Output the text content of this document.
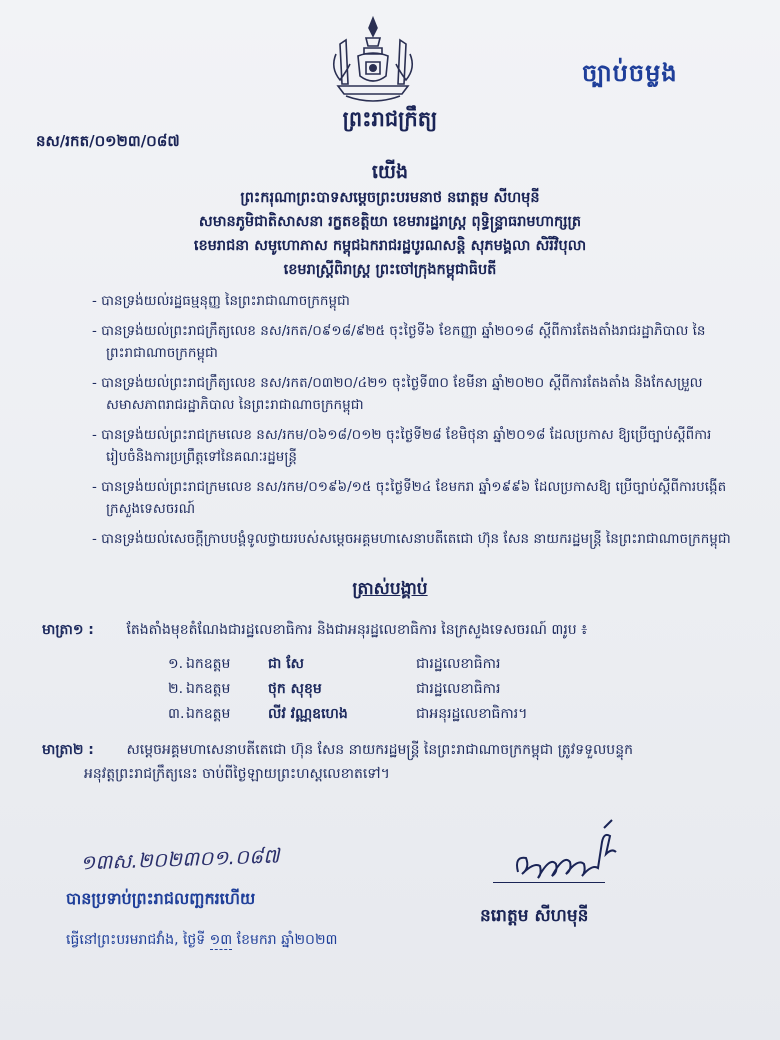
ច្បាប់ចម្លង
ព្រះរាជក្រឹត្យ
នស/រកត/០១២៣/០៨៧
យើង
ព្រះករុណាព្រះបាទសម្តេចព្រះបរមនាថ នរោត្តម សីហមុនី
សមានភូមិជាតិសាសនា រក្ខតខត្តិយា ខេមរារដ្ឋរាស្ត្រ ពុទ្ធិន្ទ្រាធរាមហាក្សត្រ
ខេមរាជនា សមូហោភាស កម្ពុជឯករាជរដ្ឋបូរណសន្តិ សុភមង្គលា សិរីវិបុលា
ខេមរាស្ត្រីពិរាស្ត្រ ព្រះចៅក្រុងកម្ពុជាធិបតី
- បានទ្រង់យល់រដ្ឋធម្មនុញ្ញ នៃព្រះរាជាណាចក្រកម្ពុជា
- បានទ្រង់យល់ព្រះរាជក្រឹត្យលេខ នស/រកត/០៩១៨/៩២៥ ចុះថ្ងៃទី៦ ខែកញ្ញា ឆ្នាំ២០១៨ ស្តីពីការតែងតាំងរាជរដ្ឋាភិបាល នៃព្រះរាជាណាចក្រកម្ពុជា
- បានទ្រង់យល់ព្រះរាជក្រឹត្យលេខ នស/រកត/០៣២០/៤២១ ចុះថ្ងៃទី៣០ ខែមីនា ឆ្នាំ២០២០ ស្តីពីការតែងតាំង និងកែសម្រួលសមាសភាពរាជរដ្ឋាភិបាល នៃព្រះរាជាណាចក្រកម្ពុជា
- បានទ្រង់យល់ព្រះរាជក្រមលេខ នស/រកម/០៦១៨/០១២ ចុះថ្ងៃទី២៨ ខែមិថុនា ឆ្នាំ២០១៨ ដែលប្រកាស ឱ្យប្រើច្បាប់ស្តីពីការរៀបចំនិងការប្រព្រឹត្តទៅនៃគណៈរដ្ឋមន្ត្រី
- បានទ្រង់យល់ព្រះរាជក្រមលេខ នស/រកម/០១៩៦/១៥ ចុះថ្ងៃទី២៤ ខែមករា ឆ្នាំ១៩៩៦ ដែលប្រកាសឱ្យ ប្រើច្បាប់ស្តីពីការបង្កើតក្រសួងទេសចរណ៍
- បានទ្រង់យល់សេចក្តីក្រាបបង្គំទូលថ្វាយរបស់សម្តេចអគ្គមហាសេនាបតីតេជោ ហ៊ុន សែន នាយករដ្ឋមន្ត្រី នៃព្រះរាជាណាចក្រកម្ពុជា
ត្រាស់បង្គាប់
មាត្រា១ : តែងតាំងមុខតំណែងជារដ្ឋលេខាធិការ និងជាអនុរដ្ឋលេខាធិការ នៃក្រសួងទេសចរណ៍ ៣រូប ៖
១. ឯកឧត្តម	ជា សែ	ជារដ្ឋលេខាធិការ
២. ឯកឧត្តម	ថុក សុខុម	ជារដ្ឋលេខាធិការ
៣. ឯកឧត្តម	លីវ វណ្ណឧហេង	ជាអនុរដ្ឋលេខាធិការ។
មាត្រា២ : សម្តេចអគ្គមហាសេនាបតីតេជោ ហ៊ុន សែន នាយករដ្ឋមន្ត្រី នៃព្រះរាជាណាចក្រកម្ពុជា ត្រូវទទួលបន្ទុក
អនុវត្តព្រះរាជក្រឹត្យនេះ ចាប់ពីថ្ងៃឡាយព្រះហស្តលេខាតទៅ។
១៣ស.២០២៣០១.០៨៧
នរោត្តម សីហមុនី
បានប្រទាប់ព្រះរាជលញ្ឆករហើយ
ធ្វើនៅព្រះបរមរាជវាំង, ថ្ងៃទី ១៣ ខែមករា ឆ្នាំ២០២៣
